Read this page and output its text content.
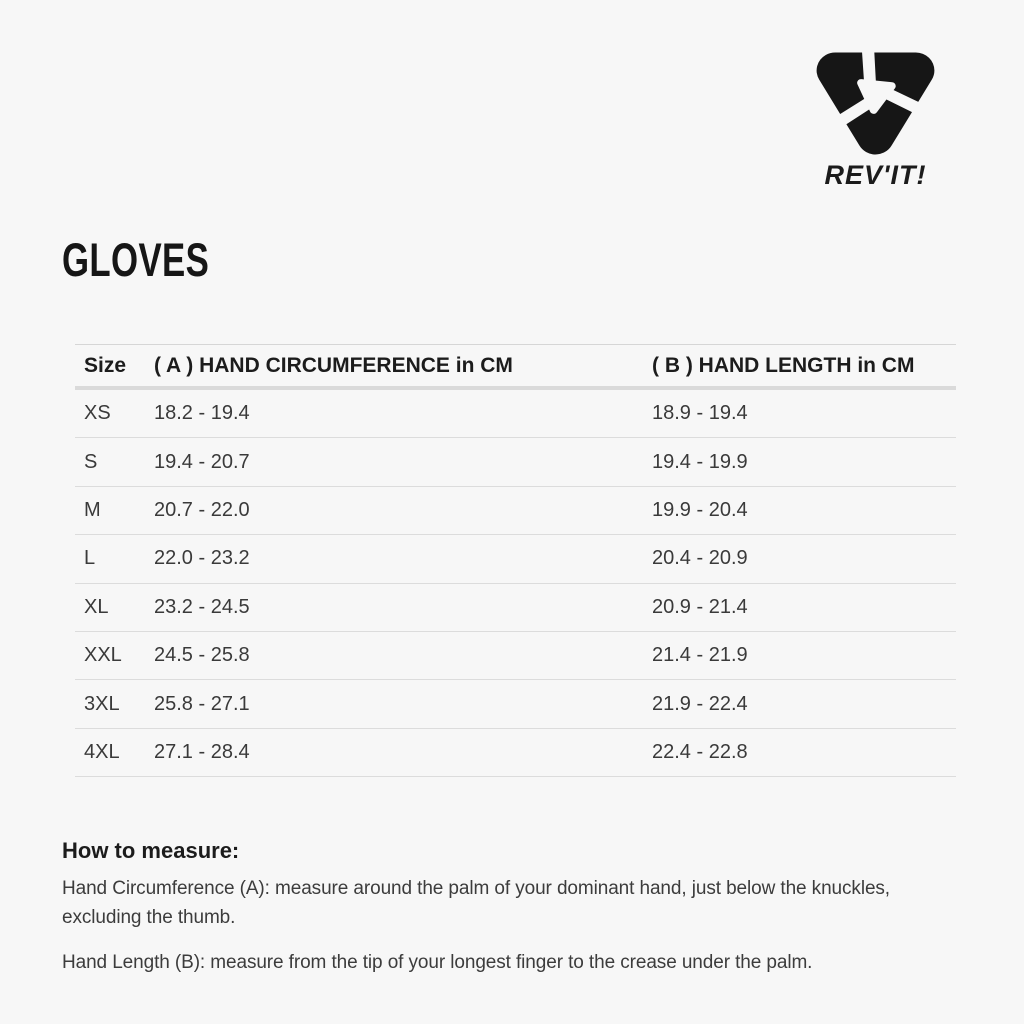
REV'IT!
GLOVES
Size	( A ) HAND CIRCUMFERENCE in CM	( B ) HAND LENGTH in CM
XS	18.2 - 19.4	18.9 - 19.4
S	19.4 - 20.7	19.4 - 19.9
M	20.7 - 22.0	19.9 - 20.4
L	22.0 - 23.2	20.4 - 20.9
XL	23.2 - 24.5	20.9 - 21.4
XXL	24.5 - 25.8	21.4 - 21.9
3XL	25.8 - 27.1	21.9 - 22.4
4XL	27.1 - 28.4	22.4 - 22.8
How to measure:

Hand Circumference (A): measure around the palm of your dominant hand, just below the knuckles,
excluding the thumb.

Hand Length (B): measure from the tip of your longest finger to the crease under the palm.
